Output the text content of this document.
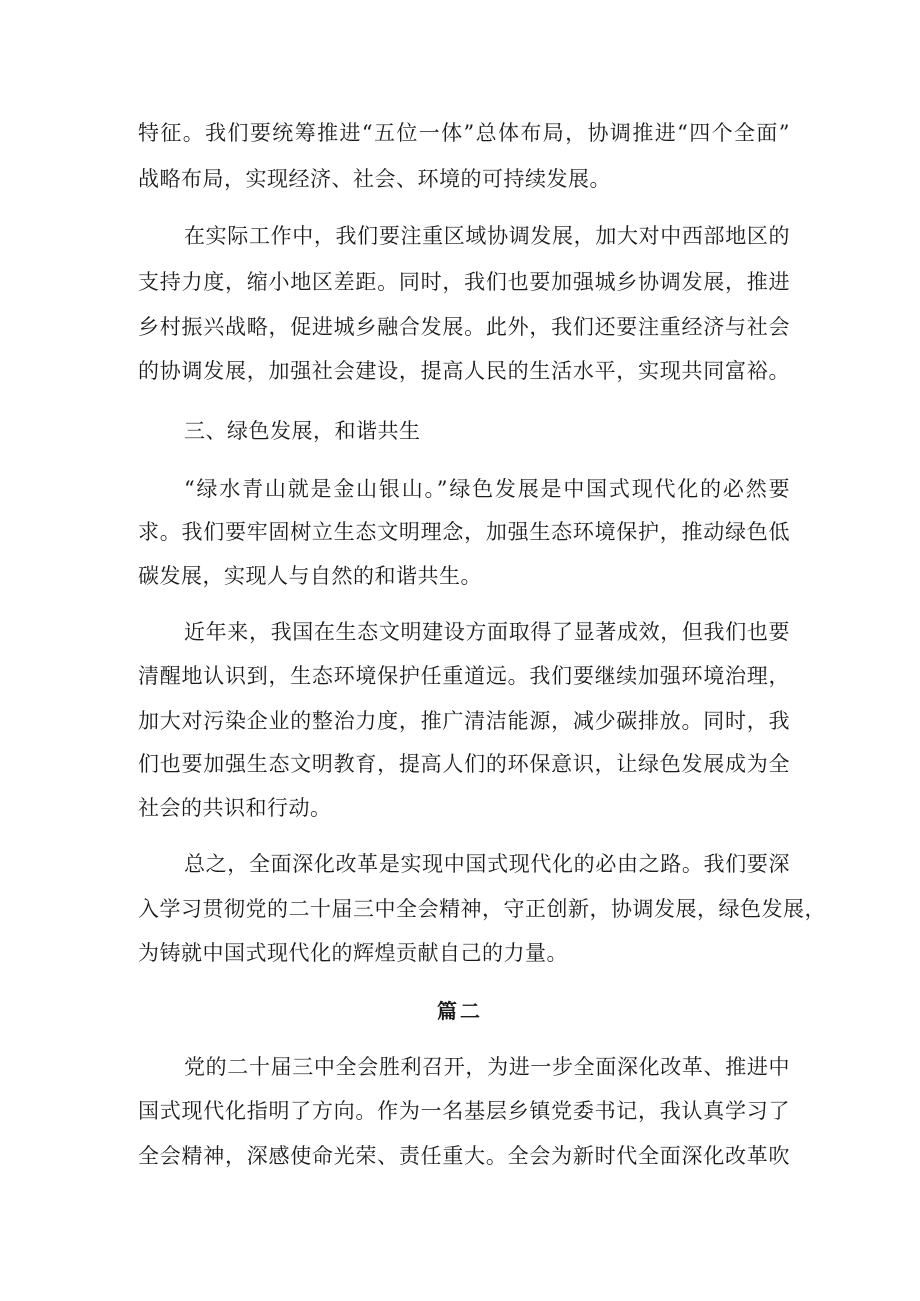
特征。我们要统筹推进“五位一体”总体布局，协调推进“四个全面”
战略布局，实现经济、社会、环境的可持续发展。
在实际工作中，我们要注重区域协调发展，加大对中西部地区的
支持力度，缩小地区差距。同时，我们也要加强城乡协调发展，推进
乡村振兴战略，促进城乡融合发展。此外，我们还要注重经济与社会
的协调发展，加强社会建设，提高人民的生活水平，实现共同富裕。
三、绿色发展，和谐共生
“绿水青山就是金山银山。”绿色发展是中国式现代化的必然要
求。我们要牢固树立生态文明理念，加强生态环境保护，推动绿色低
碳发展，实现人与自然的和谐共生。
近年来，我国在生态文明建设方面取得了显著成效，但我们也要
清醒地认识到，生态环境保护任重道远。我们要继续加强环境治理，
加大对污染企业的整治力度，推广清洁能源，减少碳排放。同时，我
们也要加强生态文明教育，提高人们的环保意识，让绿色发展成为全
社会的共识和行动。
总之，全面深化改革是实现中国式现代化的必由之路。我们要深
入学习贯彻党的二十届三中全会精神，守正创新，协调发展，绿色发展，
为铸就中国式现代化的辉煌贡献自己的力量。
篇二
党的二十届三中全会胜利召开，为进一步全面深化改革、推进中
国式现代化指明了方向。作为一名基层乡镇党委书记，我认真学习了
全会精神，深感使命光荣、责任重大。全会为新时代全面深化改革吹
